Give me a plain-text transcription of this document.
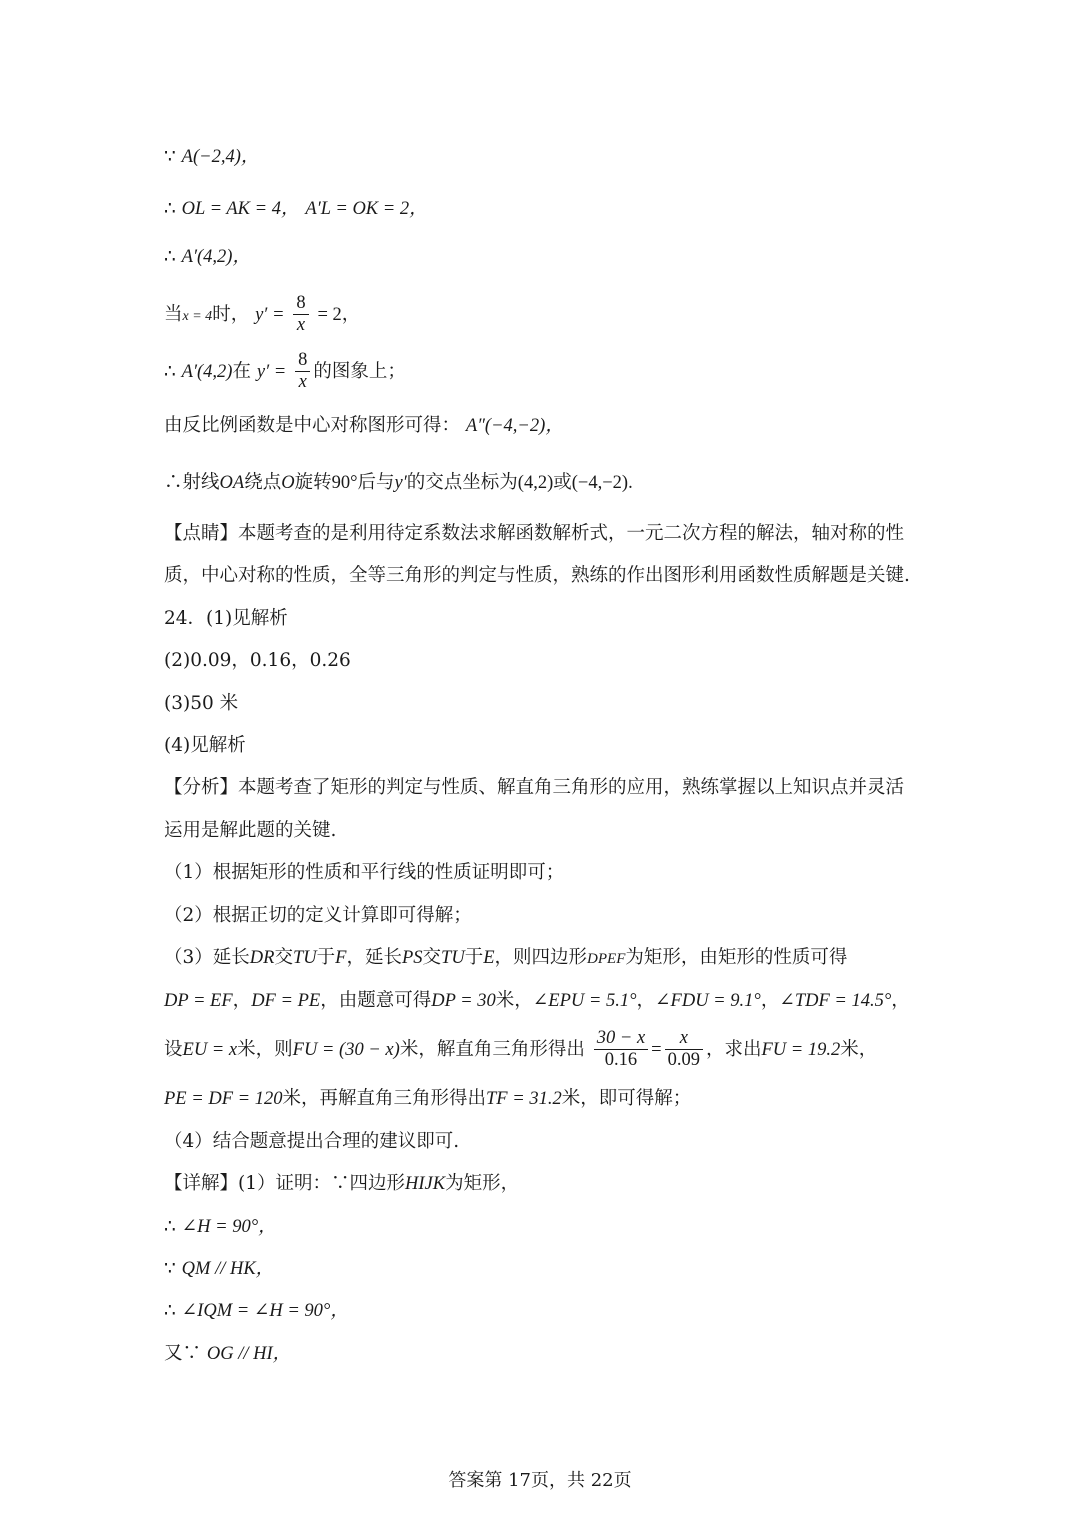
∵ A(−2,4)，
∴ OL = AK = 4， A′L = OK = 2，
∴ A′(4,2)，
当x = 4时， $y' = \frac{8}{x} = 2$，
∴ A′(4,2)在 $y' = \frac{8}{x}$ 的图象上；
由反比例函数是中心对称图形可得： A″(−4,−2)，
∴射线OA绕点O旋转90°后与y′的交点坐标为(4,2)或(−4,−2).
【点睛】本题考查的是利用待定系数法求解函数解析式，一元二次方程的解法，轴对称的性
质，中心对称的性质，全等三角形的判定与性质，熟练的作出图形利用函数性质解题是关键.
24．(1)见解析
(2)0.09，0.16，0.26
(3)50 米
(4)见解析
【分析】本题考查了矩形的判定与性质、解直角三角形的应用，熟练掌握以上知识点并灵活
运用是解此题的关键.
（1）根据矩形的性质和平行线的性质证明即可；
（2）根据正切的定义计算即可得解；
（3）延长DR交TU于F，延长PS交TU于E，则四边形DPEF为矩形，由矩形的性质可得
DP = EF，DF = PE，由题意可得DP = 30米，∠EPU = 5.1°，∠FDU = 9.1°，∠TDF = 14.5°，
设EU = x米，则FU = (30 − x)米，解直角三角形得出 $\frac{30 - x}{0.16} = \frac{x}{0.09}$ ，求出FU = 19.2米，
PE = DF = 120米，再解直角三角形得出TF = 31.2米，即可得解；
（4）结合题意提出合理的建议即可.
【详解】(1）证明：∵四边形HIJK为矩形，
∴ ∠H = 90°，
∵ QM // HK，
∴ ∠IQM = ∠H = 90°，
又∵ OG // HI，
答案第 17页，共 22页
